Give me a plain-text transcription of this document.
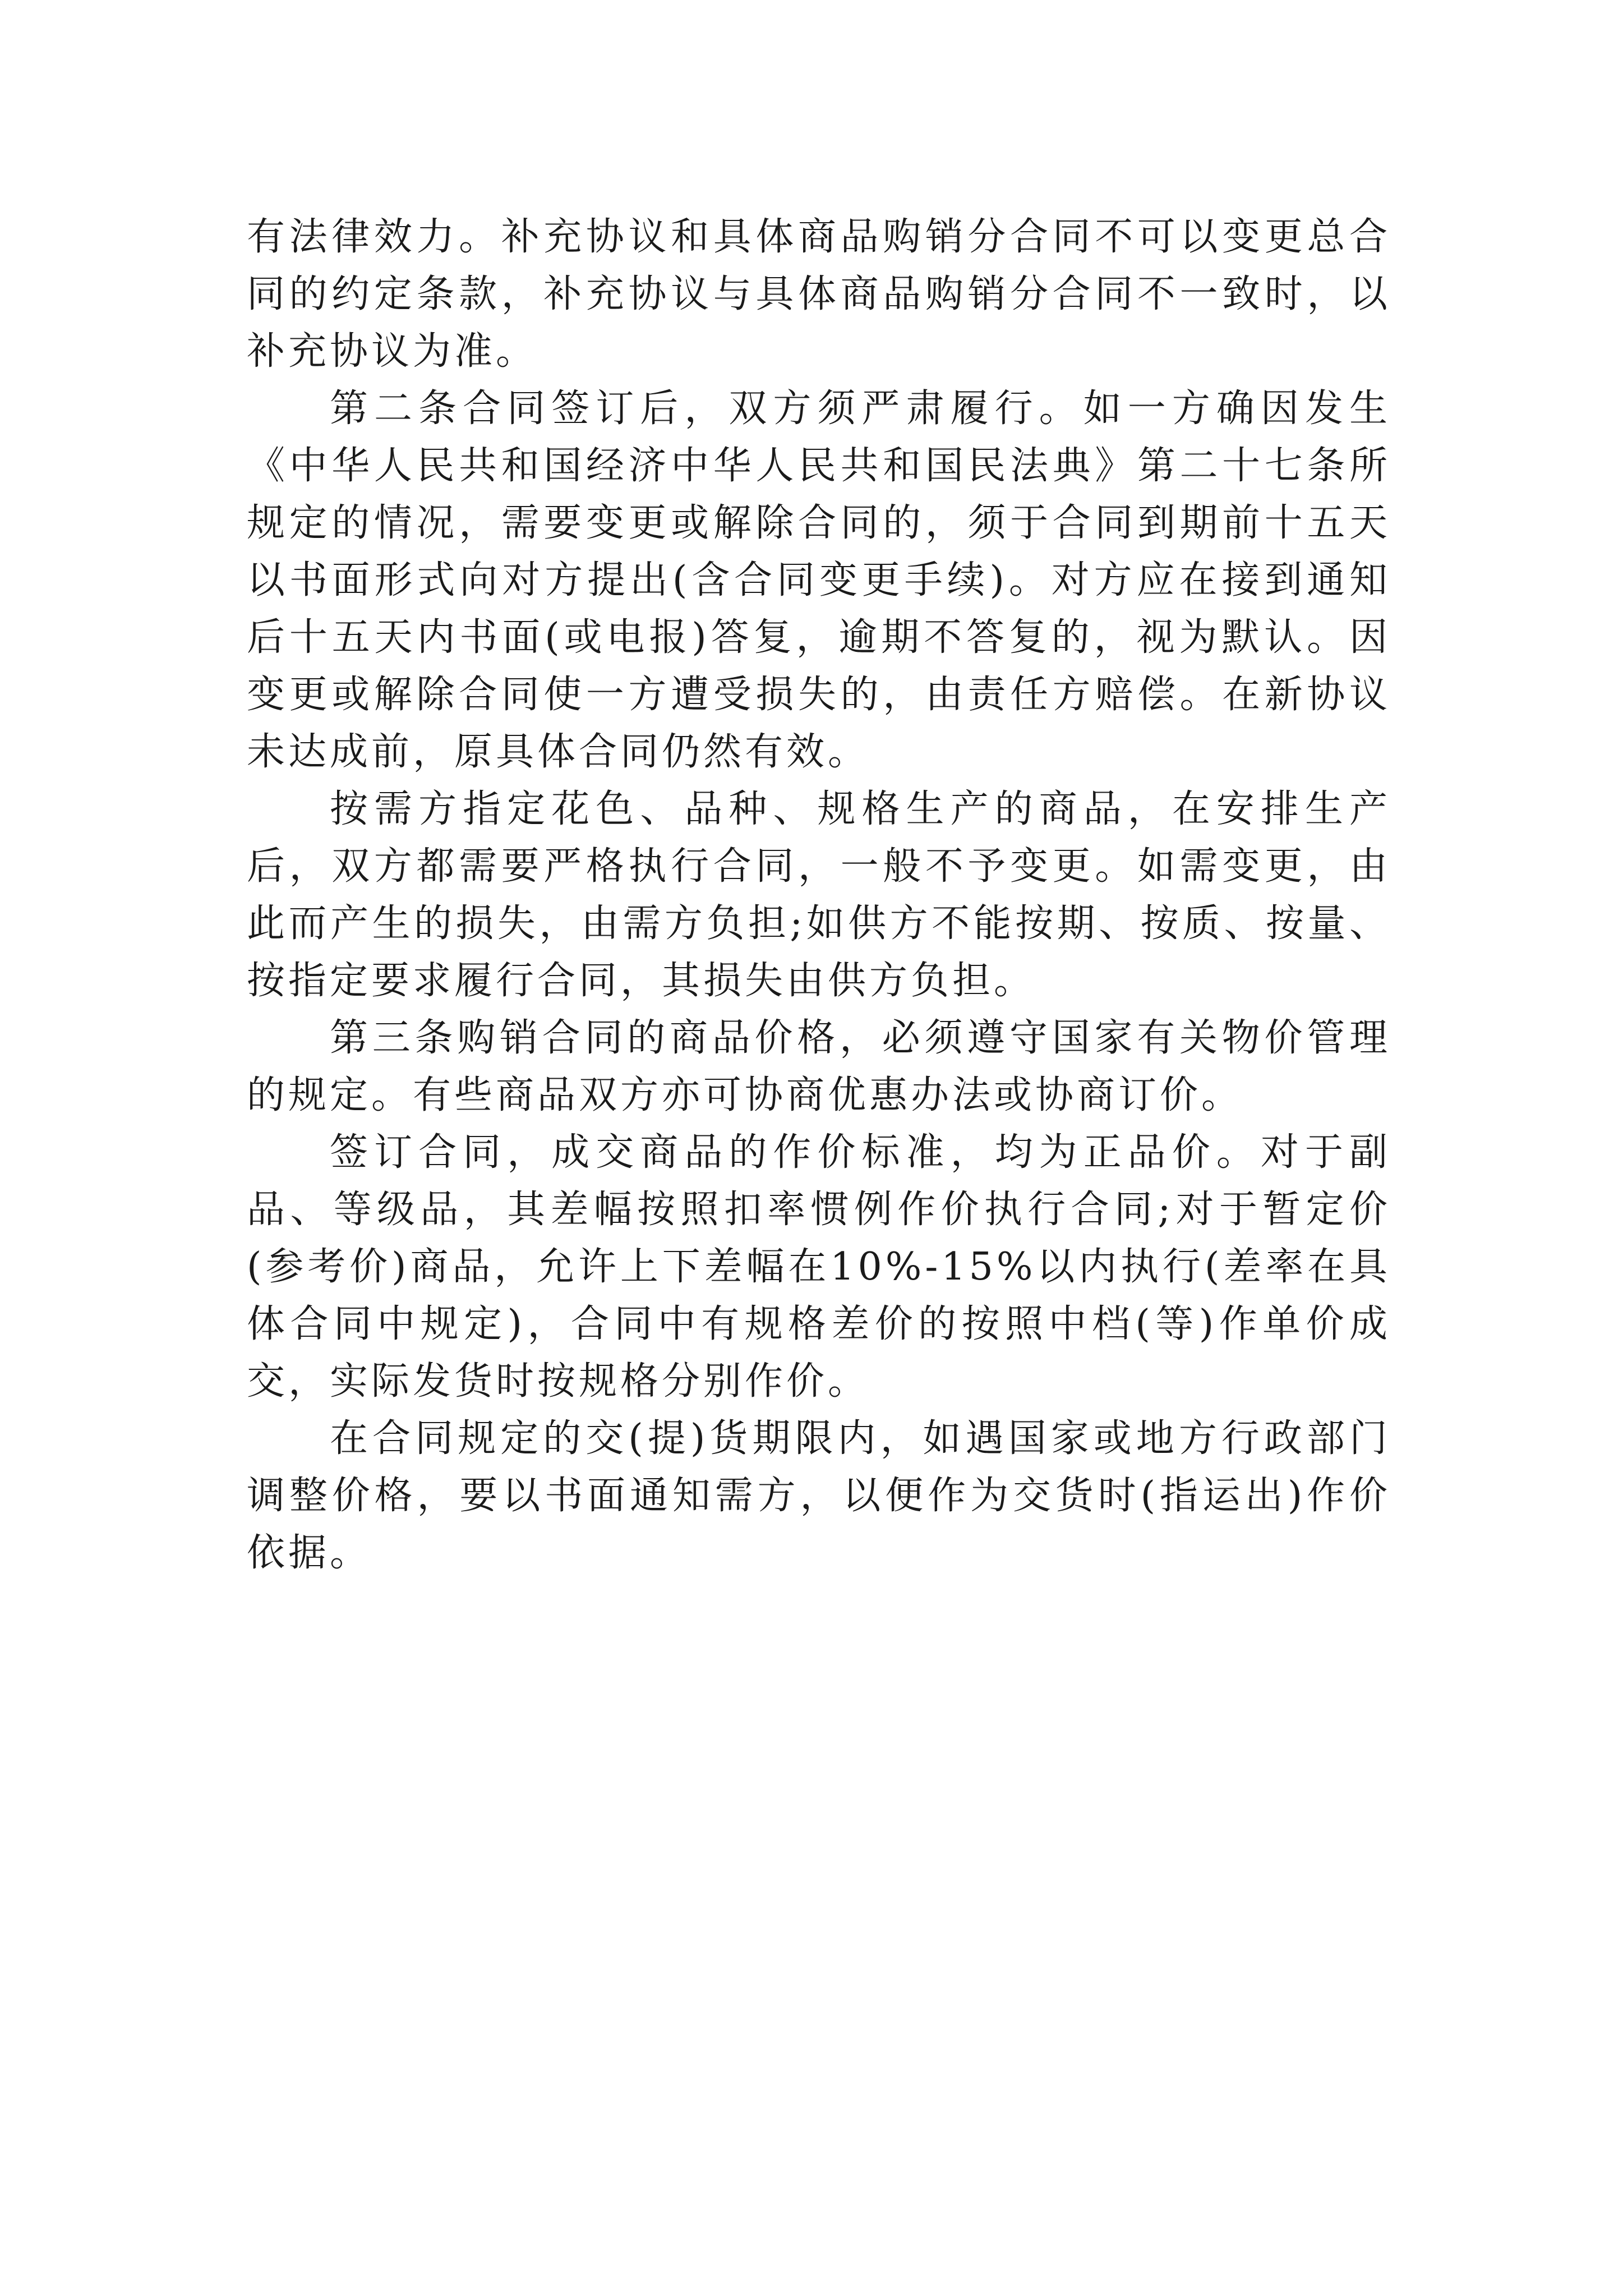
有法律效力。补充协议和具体商品购销分合同不可以变更总合同的约定条款，补充协议与具体商品购销分合同不一致时，以补充协议为准。

第二条合同签订后，双方须严肃履行。如一方确因发生《中华人民共和国经济中华人民共和国民法典》第二十七条所规定的情况，需要变更或解除合同的，须于合同到期前十五天以书面形式向对方提出(含合同变更手续)。对方应在接到通知后十五天内书面(或电报)答复，逾期不答复的，视为默认。因变更或解除合同使一方遭受损失的，由责任方赔偿。在新协议未达成前，原具体合同仍然有效。

按需方指定花色、品种、规格生产的商品，在安排生产后，双方都需要严格执行合同，一般不予变更。如需变更，由此而产生的损失，由需方负担;如供方不能按期、按质、按量、按指定要求履行合同，其损失由供方负担。

第三条购销合同的商品价格，必须遵守国家有关物价管理的规定。有些商品双方亦可协商优惠办法或协商订价。

签订合同，成交商品的作价标准，均为正品价。对于副品、等级品，其差幅按照扣率惯例作价执行合同;对于暂定价(参考价)商品，允许上下差幅在10%-15%以内执行(差率在具体合同中规定)，合同中有规格差价的按照中档(等)作单价成交，实际发货时按规格分别作价。

在合同规定的交(提)货期限内，如遇国家或地方行政部门调整价格，要以书面通知需方，以便作为交货时(指运出)作价依据。
